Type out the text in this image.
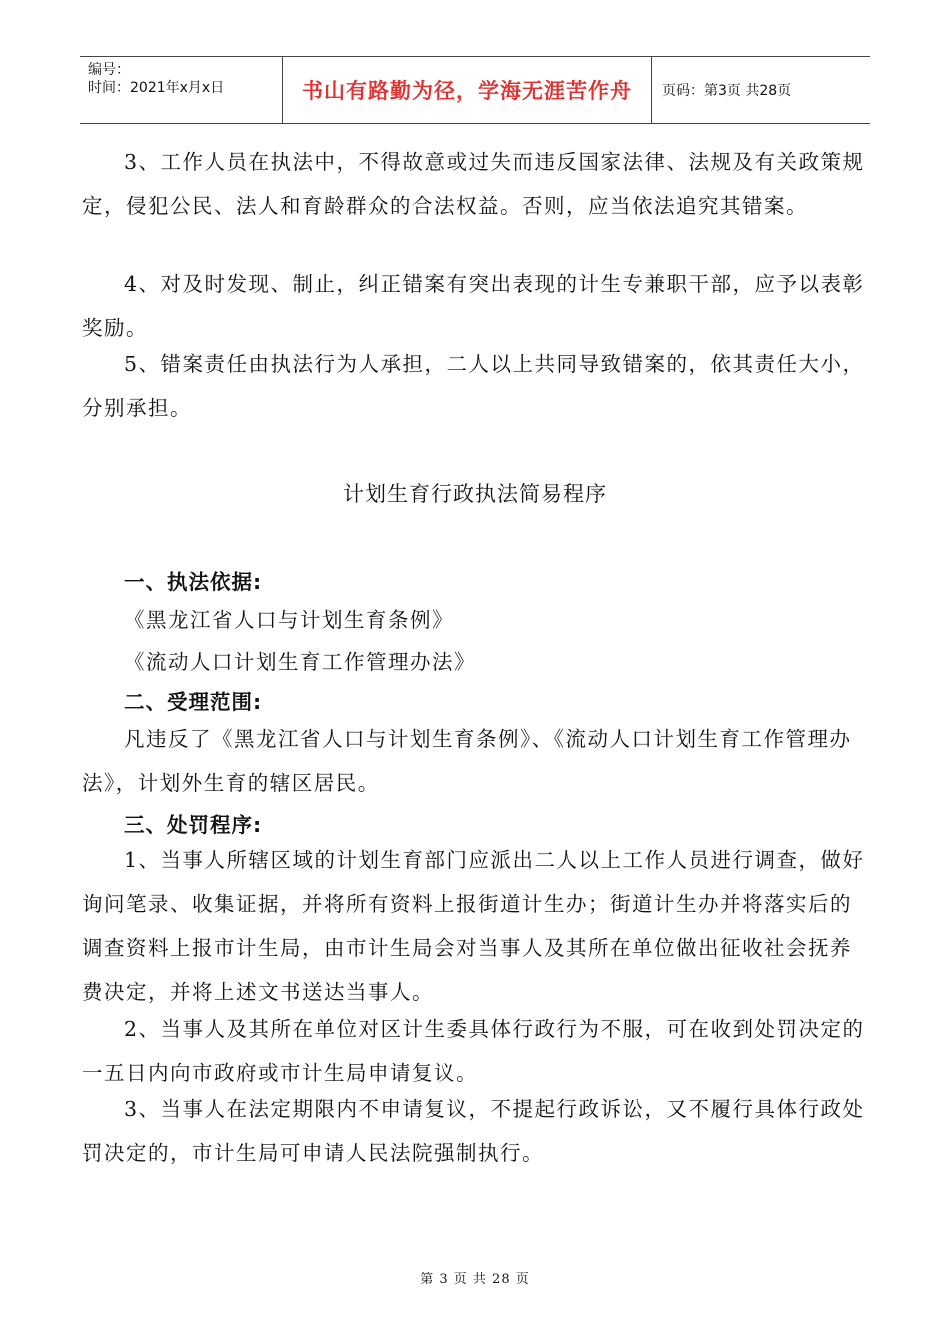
编号：
时间：2021年x月x日	书山有路勤为径，学海无涯苦作舟	页码：第3页 共28页

3、工作人员在执法中，不得故意或过失而违反国家法律、法规及有关政策规定，侵犯公民、法人和育龄群众的合法权益。否则，应当依法追究其错案。

4、对及时发现、制止，纠正错案有突出表现的计生专兼职干部，应予以表彰奖励。

5、错案责任由执法行为人承担，二人以上共同导致错案的，依其责任大小，分别承担。

计划生育行政执法简易程序
一、执法依据:
《黑龙江省人口与计划生育条例》
《流动人口计划生育工作管理办法》
二、受理范围:

凡违反了《黑龙江省人口与计划生育条例》、《流动人口计划生育工作管理办法》，计划外生育的辖区居民。

三、处罚程序:

1、当事人所辖区域的计划生育部门应派出二人以上工作人员进行调查，做好询问笔录、收集证据，并将所有资料上报街道计生办；街道计生办并将落实后的调查资料上报市计生局，由市计生局会对当事人及其所在单位做出征收社会抚养费决定，并将上述文书送达当事人。

2、当事人及其所在单位对区计生委具体行政行为不服，可在收到处罚决定的一五日内向市政府或市计生局申请复议。

3、当事人在法定期限内不申请复议，不提起行政诉讼，又不履行具体行政处罚决定的，市计生局可申请人民法院强制执行。

第 3 页 共 28 页
